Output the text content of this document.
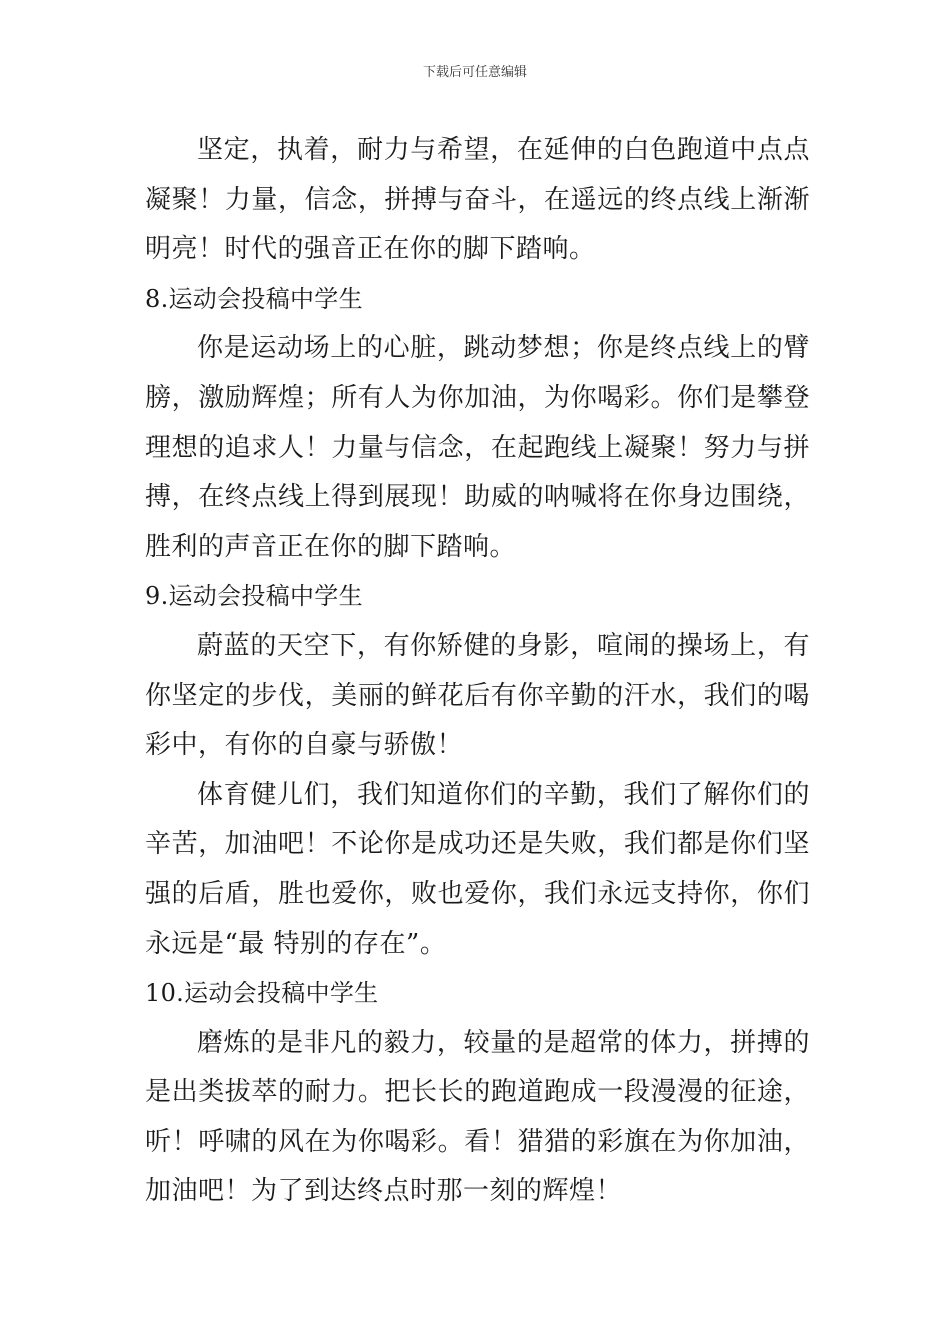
下载后可任意编辑

坚定，执着，耐力与希望，在延伸的白色跑道中点点凝聚！力量，信念，拼搏与奋斗，在遥远的终点线上渐渐明亮！时代的强音正在你的脚下踏响。

8.运动会投稿中学生

你是运动场上的心脏，跳动梦想；你是终点线上的臂膀，激励辉煌；所有人为你加油，为你喝彩。你们是攀登理想的追求人！力量与信念，在起跑线上凝聚！努力与拼搏，在终点线上得到展现！助威的呐喊将在你身边围绕，胜利的声音正在你的脚下踏响。

9.运动会投稿中学生

蔚蓝的天空下，有你矫健的身影，喧闹的操场上，有你坚定的步伐，美丽的鲜花后有你辛勤的汗水，我们的喝彩中，有你的自豪与骄傲！

体育健儿们，我们知道你们的辛勤，我们了解你们的辛苦，加油吧！不论你是成功还是失败，我们都是你们坚强的后盾，胜也爱你，败也爱你，我们永远支持你，你们永远是“最 特别的存在”。

10.运动会投稿中学生

磨炼的是非凡的毅力，较量的是超常的体力，拼搏的是出类拔萃的耐力。把长长的跑道跑成一段漫漫的征途，听！呼啸的风在为你喝彩。看！猎猎的彩旗在为你加油，加油吧！为了到达终点时那一刻的辉煌！
